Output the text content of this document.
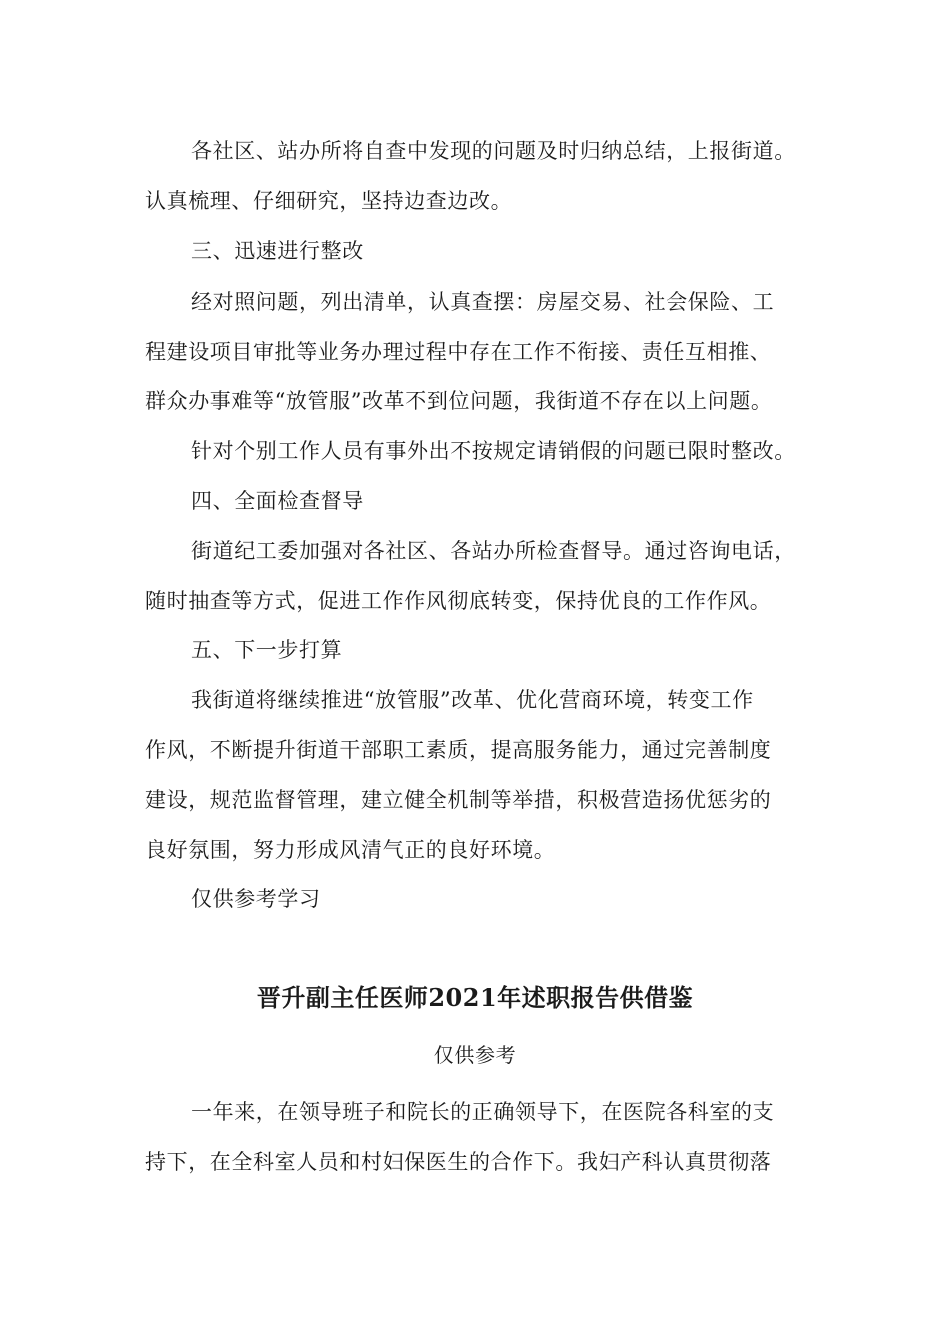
各社区、站办所将自查中发现的问题及时归纳总结，上报街道。
认真梳理、仔细研究，坚持边查边改。
三、迅速进行整改
经对照问题，列出清单，认真查摆：房屋交易、社会保险、工
程建设项目审批等业务办理过程中存在工作不衔接、责任互相推、
群众办事难等“放管服”改革不到位问题，我街道不存在以上问题。
针对个别工作人员有事外出不按规定请销假的问题已限时整改。
四、全面检查督导
街道纪工委加强对各社区、各站办所检查督导。通过咨询电话，
随时抽查等方式，促进工作作风彻底转变，保持优良的工作作风。
五、下一步打算
我街道将继续推进“放管服”改革、优化营商环境，转变工作
作风，不断提升街道干部职工素质，提高服务能力，通过完善制度
建设，规范监督管理，建立健全机制等举措，积极营造扬优惩劣的
良好氛围，努力形成风清气正的良好环境。
仅供参考学习
晋升副主任医师2021年述职报告供借鉴
仅供参考
一年来，在领导班子和院长的正确领导下，在医院各科室的支
持下，在全科室人员和村妇保医生的合作下。我妇产科认真贯彻落
